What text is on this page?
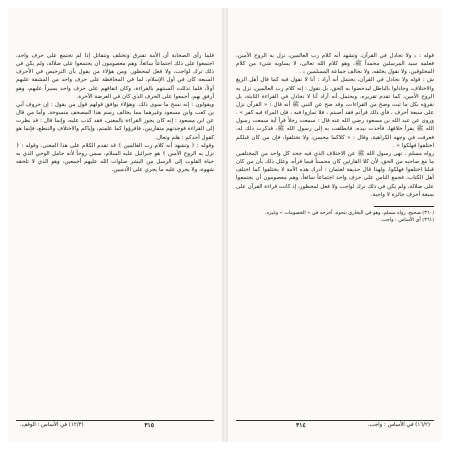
قوله : ﴿ ولا تجادل في القرآن، وتشهد أنه كلام رب العالمين، نزل به الروح الأمين، فعلمه سيد المرسلين محمداً ﷺ، وهو كلام الله تعالى، لا يساويه شيء من كلام المخلوقين، ولا نقول بخلقه، ولا نخالف جماعة المسلمين ﴾ .

ش : قوله ولا نجادل في القرآن، يحتمل أنه أراد : أنا لا نقول فيه كما قال أهل الزيغ والاختلاف، وجادلوا بالباطل ليدحضوا به الحق، بل نقول : إنه كلام رب العالمين، نزل به الروح الأمين، كما تقدم تقريره. ويحتمل أنه أراد أنا لا نجادل في القراءة الثابتة، بل نقرؤه بكل ما ثبت وصح من القراءات، وقد صح عن النبي ﷺ أنه قال : « القرآن نزل على سبعة أحرف ، فأي ذلك قرأتم فقد أصبتم ، فلا تماروا فيه ، فإن المراء فيه كفر » . وروى عن عبد الله بن مسعود رضي الله عنه قال : سمعت رجلاً قرأ آية سمعت رسول الله ﷺ يقرأ خلافها، فأخذت بيده، فانطلقت به إلى رسول الله ﷺ، فذكرت ذلك له، فعرفت في وجهه الكراهية، وقال : « كلاكما محسن، ولا تختلفوا، فإن من كان قبلكم اختلفوا فهلكوا » .

رواه مسلم . نهى رسول الله ﷺ عن الاختلاف الذي فيه جحد كل واحد من المختلفين ما مع صاحبه من الحق، لأن كلا القارئين كان محسناً فيما قرأه، وعلل ذلك بأن من كان قبلنا اختلفوا فهلكوا. ولهذا قال حذيفة لعثمان : أدرك هذه الأمة لا يختلفوا كما اختلف أهل الكتاب، فجمع الناس على حرف واحد اجتماعاً سائغاً، وهم معصومون أن يجتمعوا على ضلالة، ولم يكن في ذلك ترك لواجب ولا فعل لمحظور، إذ كانت قراءة القرآن على سبعة أحرف جائزة لا واجبة.

(٣٦٠) صحيح، رواه مسلم، وهو في البخاري بنحوه، أخرجه في « الخصومات » وغيره.

(٣٦١) أي الأساس : واجب.

(١٦/٢) في الأساس : واجب.
٣١٤

فلما رأى الصحابة أن الأمة تفترق وتختلف وتتقاتل إذا لم تجتمع على حرف واحد، اجتمعوا على ذلك اجتماعاً سائغاً، وهم معصومون أن يجتمعوا على ضلالة، ولم يكن في ذلك ترك لواجب، ولا فعل لمحظور. ومن هؤلاء من يقول بأن الترخيص في الأحرف السبعة كان في أول الإسلام، لما في المحافظة على حرف واحد من المشقة عليهم أولاً، فلما تذللت ألسنتهم بالقراءة، وكان اتفاقهم على حرف واحد يسيراً عليهم، وهو أرفق بهم، أجمعوا على الحرف الذي كان في العرضة الآخرة.

ويقولون : إنه نسخ ما سوى ذلك. وهؤلاء يوافق قولهم قول من يقول : إن حروف أبي بن كعب وابن مسعود وغيرهما مما يخالف رسم هذا المصحف منسوخة. وأما من قال عن ابن مسعود : إنه كان يجوز القراءة بالمعنى، فقد كذب عليه، وإنما قال : قد نظرت إلى القراءة فوجدتهم متقاربين، فاقرؤوا كما علمتم، وإياكم والاختلاف والتنطع، فإنما هو كقول أحدكم : هلم وتعال.

وقوله : ﴿ وتشهد أنه كلام رب العالمين ﴾ قد تقدم الكلام على هذا المعنى. وقوله : ﴿ نزل به الروح الأمين ﴾ هو جبرائيل عليه السلام، سمي روحاً لأنه حامل الوحي الذي به حياة القلوب إلى الرسل من البشر صلوات الله عليهم أجمعين، وهو الذي لا تلحقه شهوة، ولا يجري عليه ما يجري على الآدميين.

(١٢/٣) في الأساس : الوقف.	٣١٥
